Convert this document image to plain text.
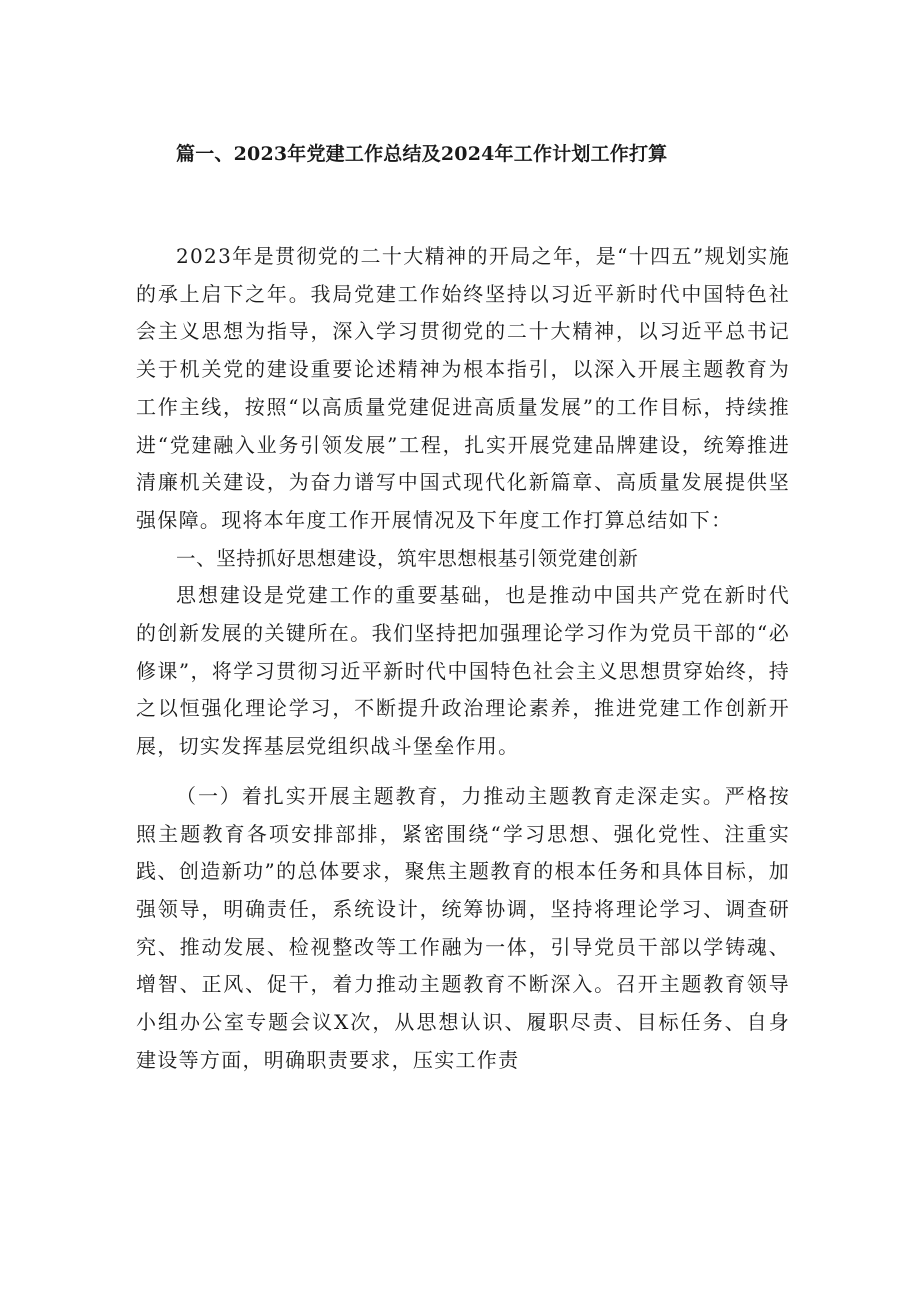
篇一、2023年党建工作总结及2024年工作计划工作打算

2023年是贯彻党的二十大精神的开局之年，是“十四五”规划实施的承上启下之年。我局党建工作始终坚持以习近平新时代中国特色社会主义思想为指导，深入学习贯彻党的二十大精神，以习近平总书记关于机关党的建设重要论述精神为根本指引，以深入开展主题教育为工作主线，按照“以高质量党建促进高质量发展”的工作目标，持续推进“党建融入业务引领发展”工程，扎实开展党建品牌建设，统筹推进清廉机关建设，为奋力谱写中国式现代化新篇章、高质量发展提供坚强保障。现将本年度工作开展情况及下年度工作打算总结如下：

一、坚持抓好思想建设，筑牢思想根基引领党建创新

思想建设是党建工作的重要基础，也是推动中国共产党在新时代的创新发展的关键所在。我们坚持把加强理论学习作为党员干部的“必修课”，将学习贯彻习近平新时代中国特色社会主义思想贯穿始终，持之以恒强化理论学习，不断提升政治理论素养，推进党建工作创新开展，切实发挥基层党组织战斗堡垒作用。

（一）着扎实开展主题教育，力推动主题教育走深走实。严格按照主题教育各项安排部排，紧密围绕“学习思想、强化党性、注重实践、创造新功”的总体要求，聚焦主题教育的根本任务和具体目标，加强领导，明确责任，系统设计，统筹协调，坚持将理论学习、调查研究、推动发展、检视整改等工作融为一体，引导党员干部以学铸魂、增智、正风、促干，着力推动主题教育不断深入。召开主题教育领导小组办公室专题会议X次，从思想认识、履职尽责、目标任务、自身建设等方面，明确职责要求，压实工作责
